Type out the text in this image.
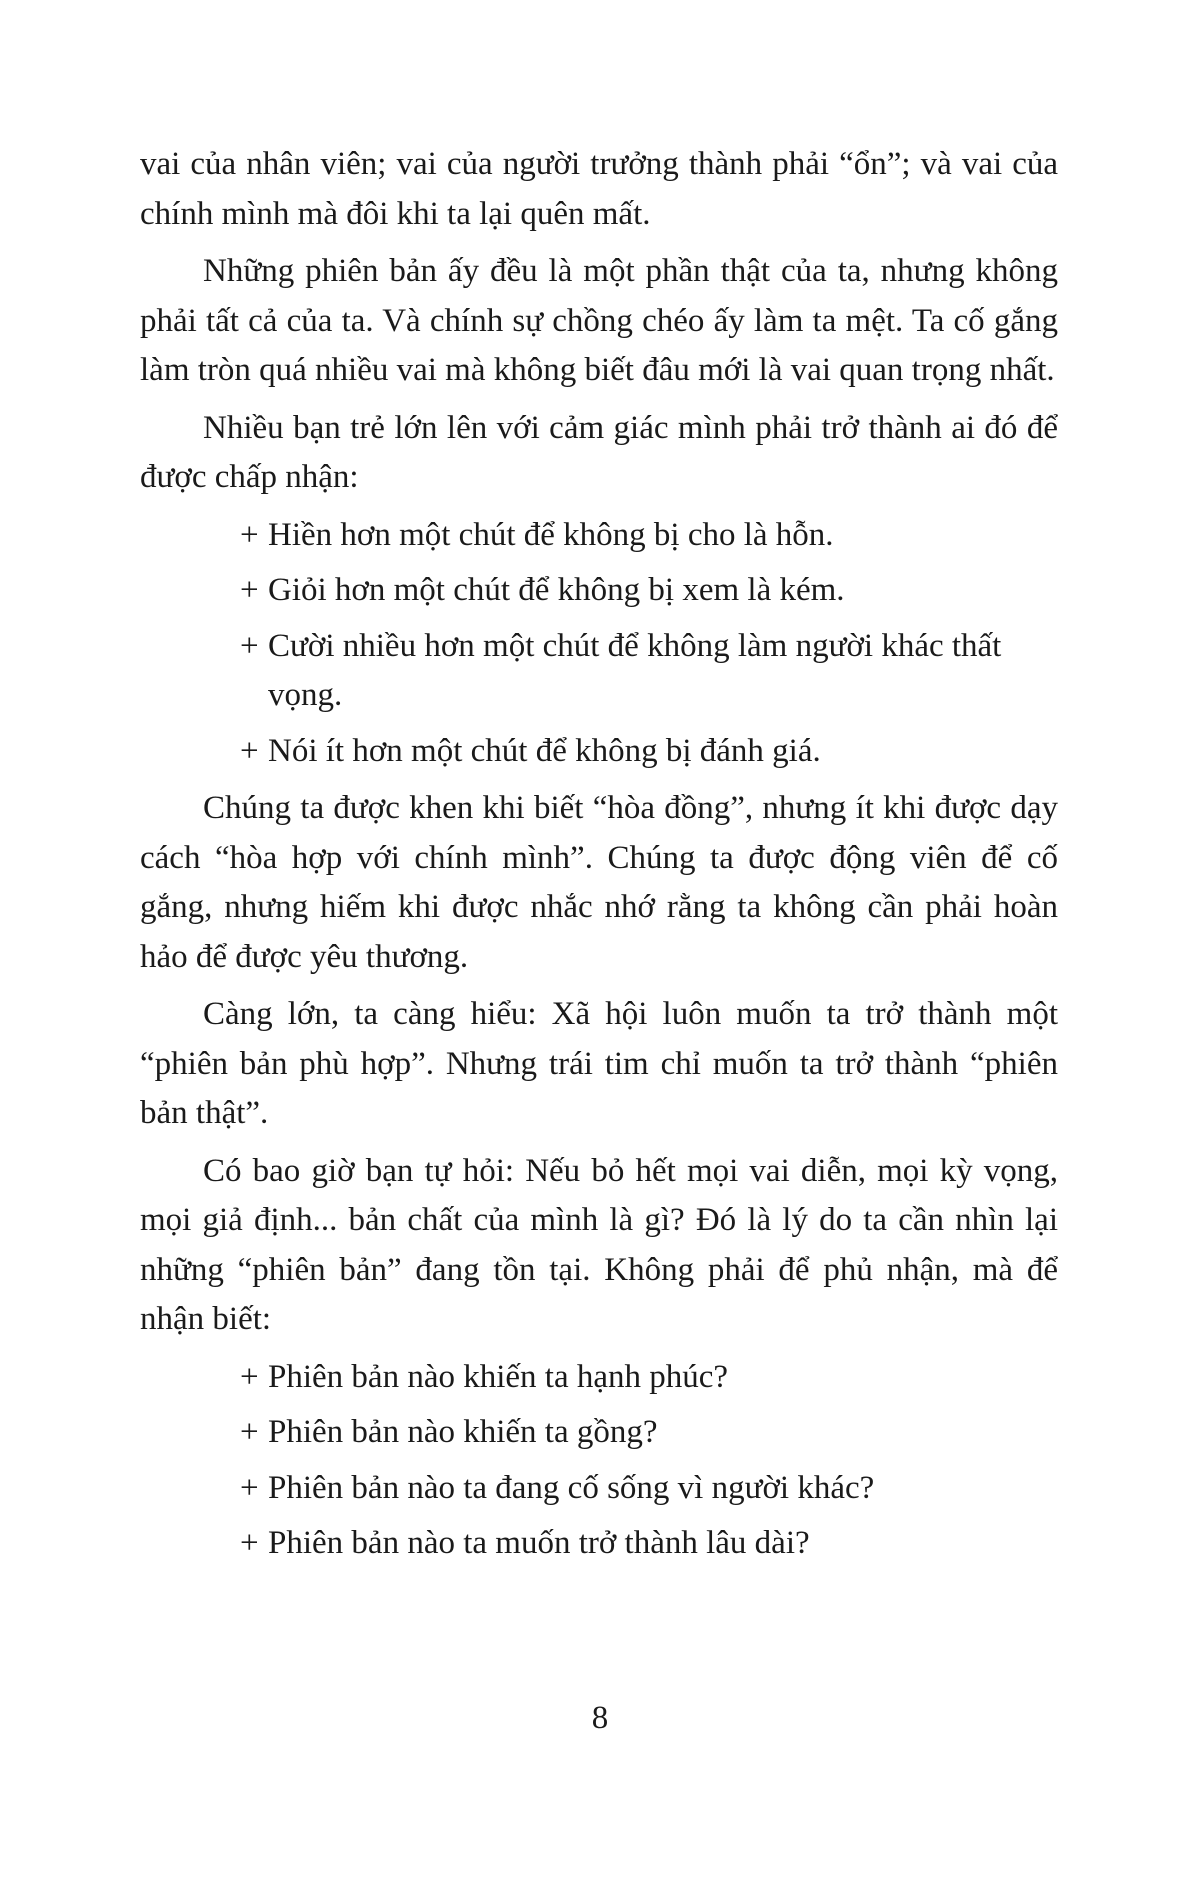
vai của nhân viên; vai của người trưởng thành phải “ổn”; và vai của chính mình mà đôi khi ta lại quên mất.

Những phiên bản ấy đều là một phần thật của ta, nhưng không phải tất cả của ta. Và chính sự chồng chéo ấy làm ta mệt. Ta cố gắng làm tròn quá nhiều vai mà không biết đâu mới là vai quan trọng nhất.

Nhiều bạn trẻ lớn lên với cảm giác mình phải trở thành ai đó để được chấp nhận:

+ Hiền hơn một chút để không bị cho là hỗn.
+ Giỏi hơn một chút để không bị xem là kém.
+ Cười nhiều hơn một chút để không làm người khác thất vọng.
+ Nói ít hơn một chút để không bị đánh giá.

Chúng ta được khen khi biết “hòa đồng”, nhưng ít khi được dạy cách “hòa hợp với chính mình”. Chúng ta được động viên để cố gắng, nhưng hiếm khi được nhắc nhớ rằng ta không cần phải hoàn hảo để được yêu thương.

Càng lớn, ta càng hiểu: Xã hội luôn muốn ta trở thành một “phiên bản phù hợp”. Nhưng trái tim chỉ muốn ta trở thành “phiên bản thật”.

Có bao giờ bạn tự hỏi: Nếu bỏ hết mọi vai diễn, mọi kỳ vọng, mọi giả định... bản chất của mình là gì? Đó là lý do ta cần nhìn lại những “phiên bản” đang tồn tại. Không phải để phủ nhận, mà để nhận biết:

+ Phiên bản nào khiến ta hạnh phúc?
+ Phiên bản nào khiến ta gồng?
+ Phiên bản nào ta đang cố sống vì người khác?
+ Phiên bản nào ta muốn trở thành lâu dài?
8
